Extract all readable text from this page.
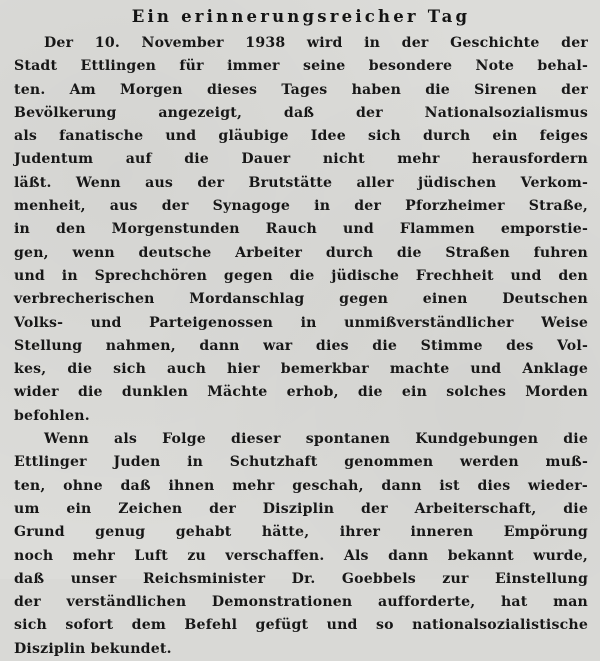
Ein erinnerungsreicher Tag

Der 10. November 1938 wird in der Geschichte der
Stadt Ettlingen für immer seine besondere Note behal-
ten. Am Morgen dieses Tages haben die Sirenen der
Bevölkerung angezeigt, daß der Nationalsozialismus
als fanatische und gläubige Idee sich durch ein feiges
Judentum auf die Dauer nicht mehr herausfordern
läßt. Wenn aus der Brutstätte aller jüdischen Verkom-
menheit, aus der Synagoge in der Pforzheimer Straße,
in den Morgenstunden Rauch und Flammen emporstie-
gen, wenn deutsche Arbeiter durch die Straßen fuhren
und in Sprechchören gegen die jüdische Frechheit und den
verbrecherischen Mordanschlag gegen einen Deutschen
Volks- und Parteigenossen in unmißverständlicher Weise
Stellung nahmen, dann war dies die Stimme des Vol-
kes, die sich auch hier bemerkbar machte und Anklage
wider die dunklen Mächte erhob, die ein solches Morden
befohlen.

Wenn als Folge dieser spontanen Kundgebungen die
Ettlinger Juden in Schutzhaft genommen werden muß-
ten, ohne daß ihnen mehr geschah, dann ist dies wieder-
um ein Zeichen der Disziplin der Arbeiterschaft, die
Grund genug gehabt hätte, ihrer inneren Empörung
noch mehr Luft zu verschaffen. Als dann bekannt wurde,
daß unser Reichsminister Dr. Goebbels zur Einstellung
der verständlichen Demonstrationen aufforderte, hat man
sich sofort dem Befehl gefügt und so nationalsozialistische
Disziplin bekundet.
